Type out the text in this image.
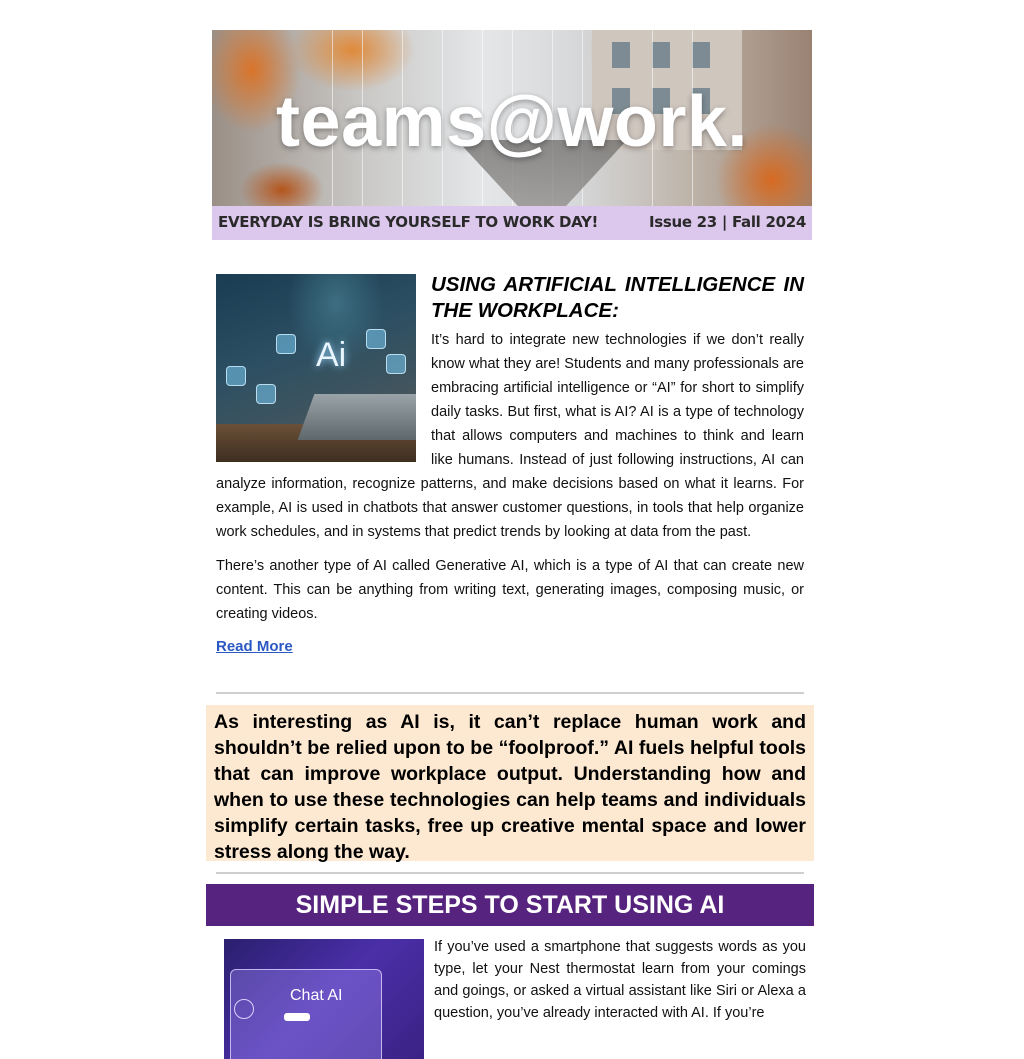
teams@work.
EVERYDAY IS BRING YOURSELF TO WORK DAY!	Issue 23 | Fall 2024
Ai
USING ARTIFICIAL INTELLIGENCE IN THE WORKPLACE:

It’s hard to integrate new technologies if we don’t really know what they are! Students and many professionals are embracing artificial intelligence or “AI” for short to simplify daily tasks. But first, what is AI? AI is a type of technology that allows computers and machines to think and learn like humans. Instead of just following instructions, AI can analyze information, recognize patterns, and make decisions based on what it learns. For example, AI is used in chatbots that answer customer questions, in tools that help organize work schedules, and in systems that predict trends by looking at data from the past.

There’s another type of AI called Generative AI, which is a type of AI that can create new content. This can be anything from writing text, generating images, composing music, or creating videos.

Read More
As interesting as AI is, it can’t replace human work and shouldn’t be relied upon to be “foolproof.” AI fuels helpful tools that can improve workplace output. Understanding how and when to use these technologies can help teams and individuals simplify certain tasks, free up creative mental space and lower stress along the way.
SIMPLE STEPS TO START USING AI
Chat AI

If you’ve used a smartphone that suggests words as you type, let your Nest thermostat learn from your comings and goings, or asked a virtual assistant like Siri or Alexa a question, you’ve already interacted with AI. If you’re
